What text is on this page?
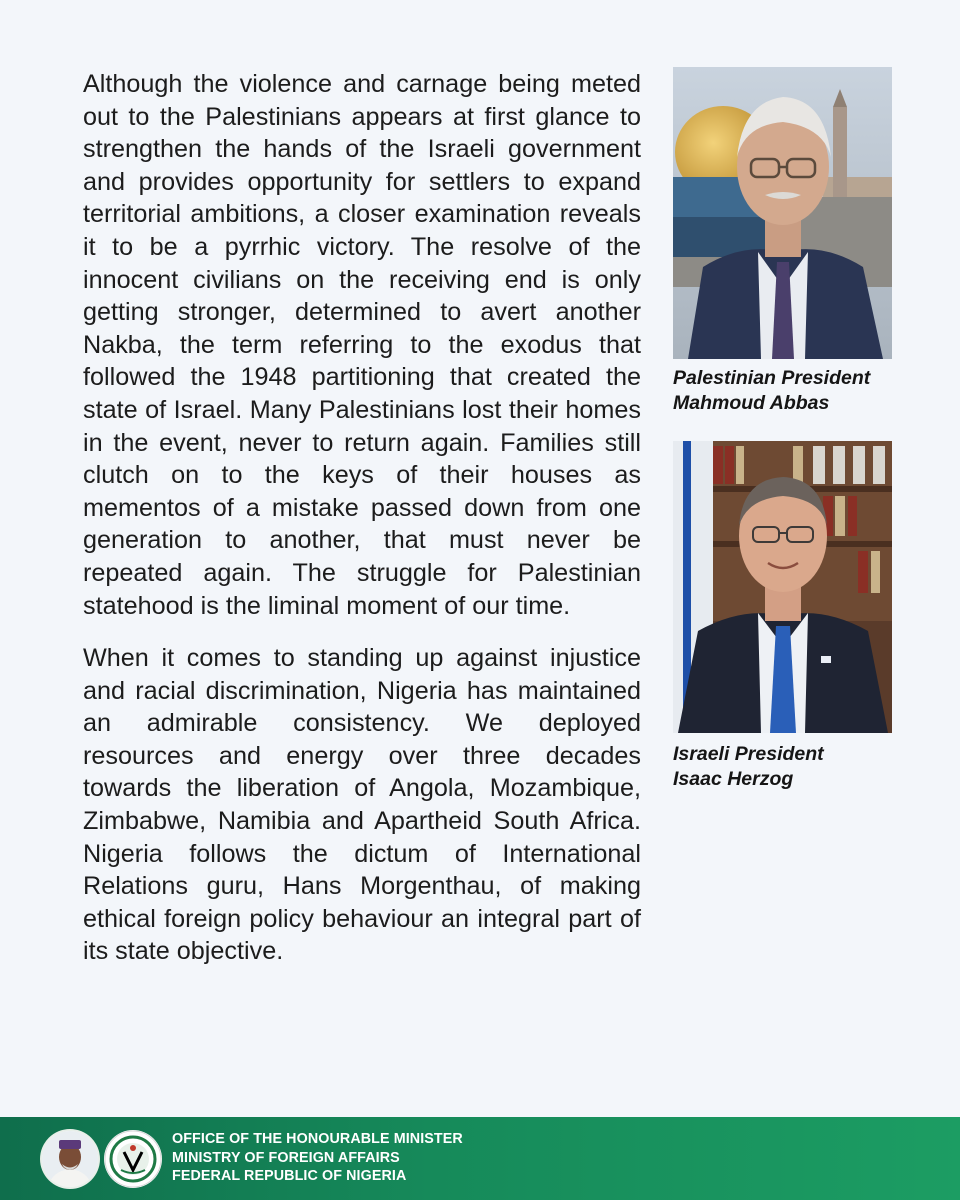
Although the violence and carnage being meted out to the Palestinians appears at first glance to strengthen the hands of the Israeli government and provides opportunity for settlers to expand territorial ambitions, a closer examination reveals it to be a pyrrhic victory. The resolve of the innocent civilians on the receiving end is only getting stronger, determined to avert another Nakba, the term referring to the exodus that followed the 1948 partitioning that created the state of Israel. Many Palestinians lost their homes in the event, never to return again. Families still clutch on to the keys of their houses as mementos of a mistake passed down from one generation to another, that must never be repeated again. The struggle for Palestinian statehood is the liminal moment of our time.

When it comes to standing up against injustice and racial discrimination, Nigeria has maintained an admirable consistency. We deployed resources and energy over three decades towards the liberation of Angola, Mozambique, Zimbabwe, Namibia and Apartheid South Africa. Nigeria follows the dictum of International Relations guru, Hans Morgenthau, of making ethical foreign policy behaviour an integral part of its state objective.

Palestinian President
Mahmoud Abbas
Israeli President
Isaac Herzog
OFFICE OF THE HONOURABLE MINISTER
MINISTRY OF FOREIGN AFFAIRS
FEDERAL REPUBLIC OF NIGERIA
